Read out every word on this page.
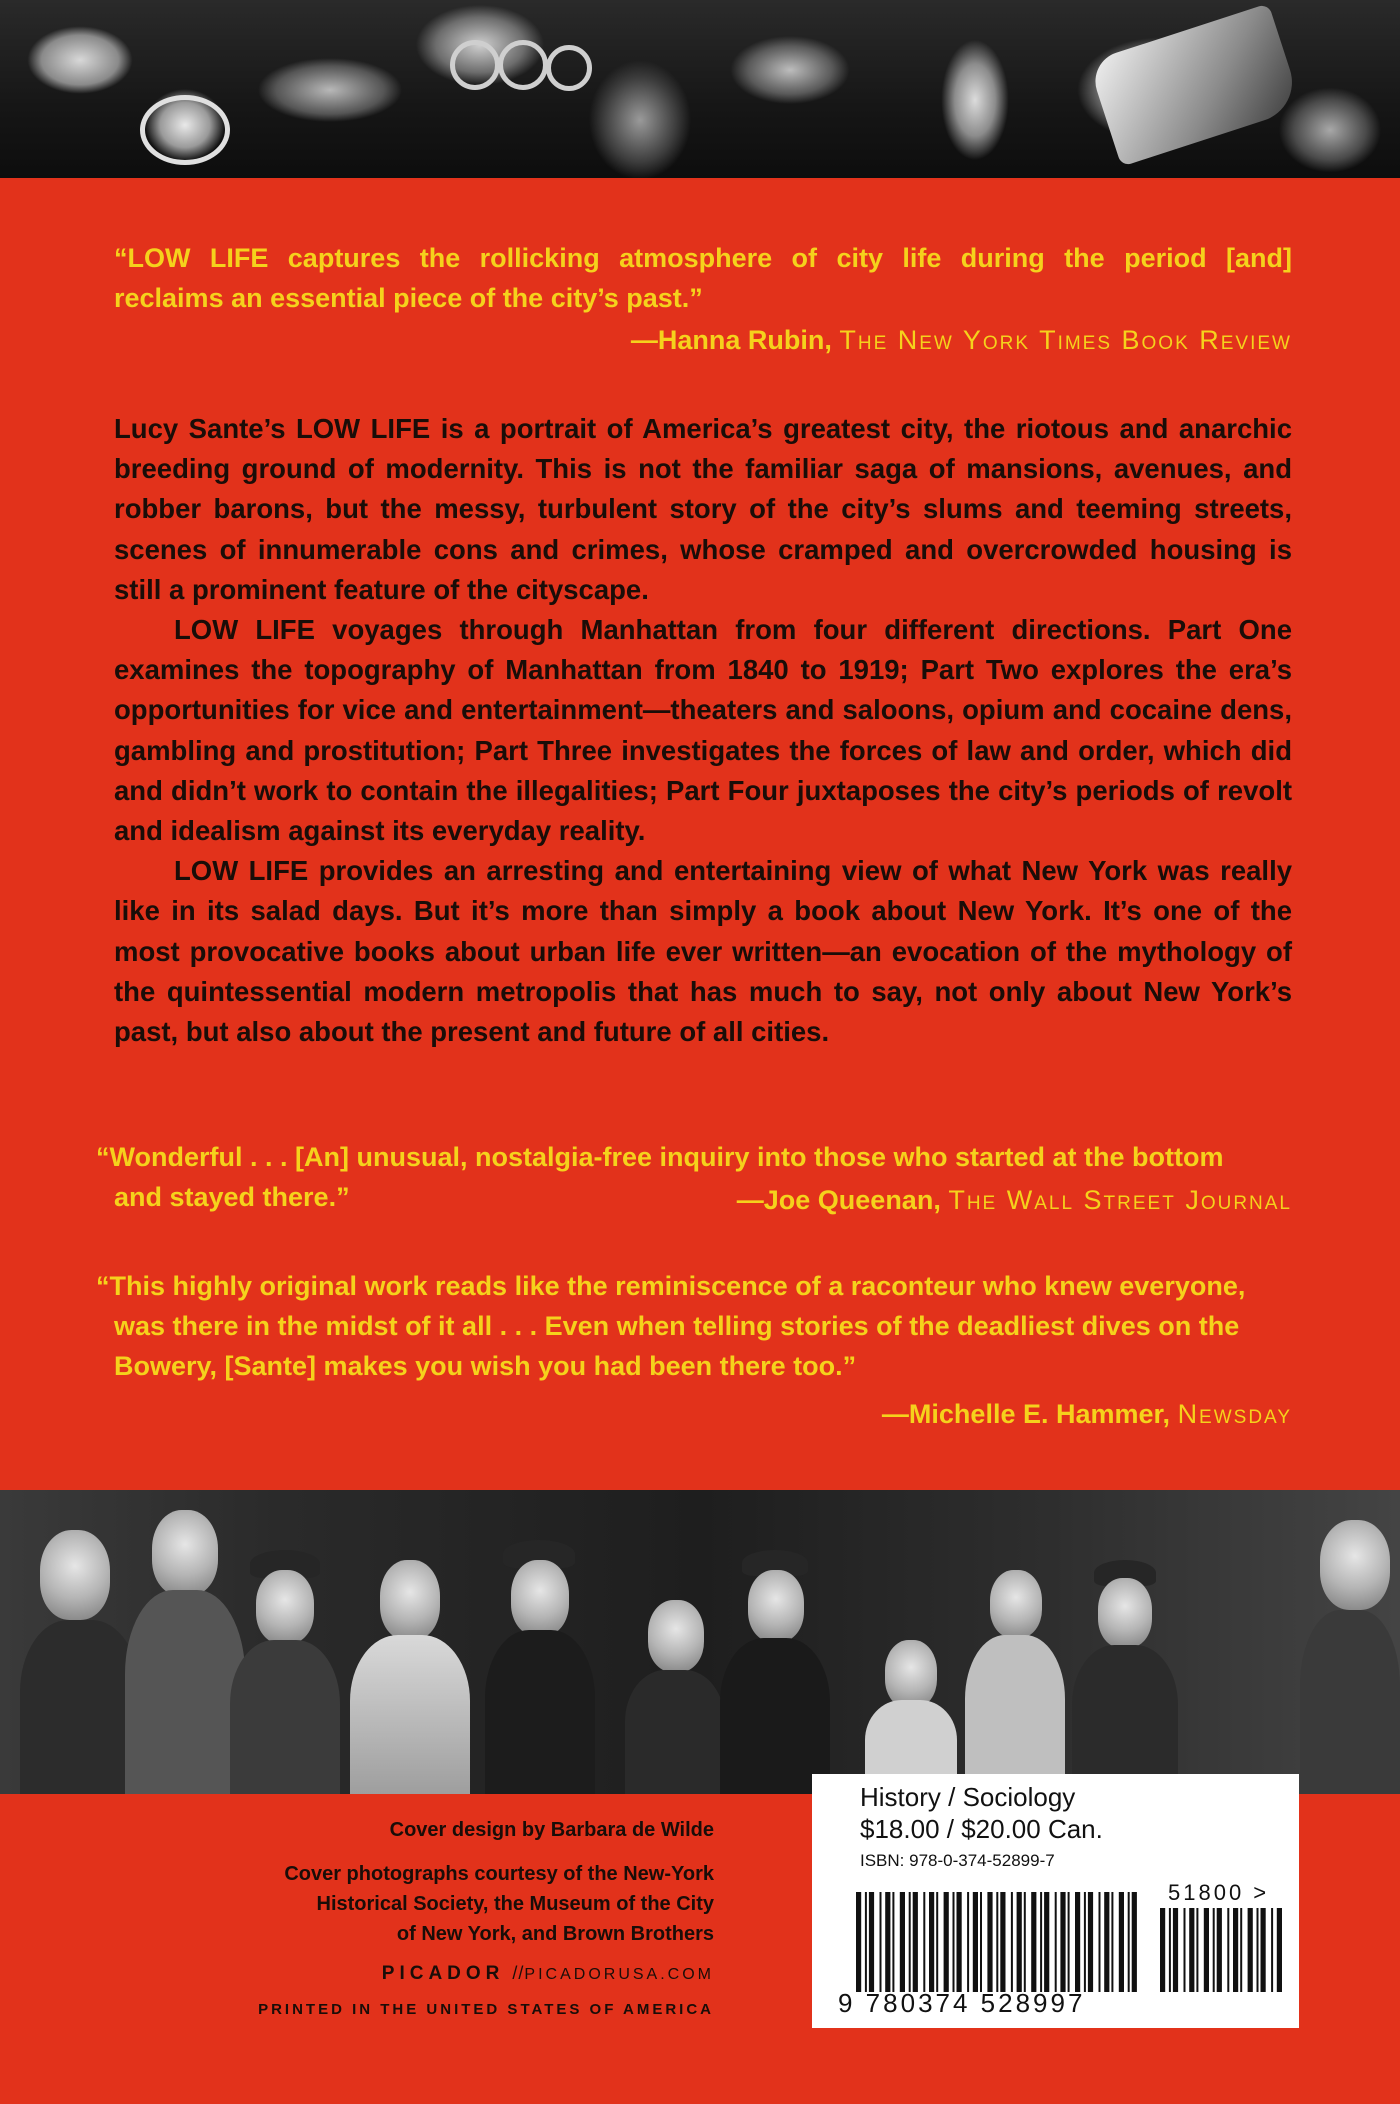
“LOW LIFE captures the rollicking atmosphere of city life during the period [and]
reclaims an essential piece of the city’s past.”
—Hanna Rubin, The New York Times Book Review

Lucy Sante’s LOW LIFE is a portrait of America’s greatest city, the riotous and anarchic breeding ground of modernity. This is not the familiar saga of mansions, avenues, and robber barons, but the messy, turbulent story of the city’s slums and teeming streets, scenes of innumerable cons and crimes, whose cramped and overcrowded housing is still a prominent feature of the cityscape.

LOW LIFE voyages through Manhattan from four different directions. Part One examines the topography of Manhattan from 1840 to 1919; Part Two explores the era’s opportunities for vice and entertainment—theaters and saloons, opium and cocaine dens, gambling and prostitution; Part Three investigates the forces of law and order, which did and didn’t work to contain the illegalities; Part Four juxtaposes the city’s periods of revolt and idealism against its everyday reality.

LOW LIFE provides an arresting and entertaining view of what New York was really like in its salad days. But it’s more than simply a book about New York. It’s one of the most provocative books about urban life ever written—an evocation of the mythology of the quintessential modern metropolis that has much to say, not only about New York’s past, but also about the present and future of all cities.

“Wonderful . . . [An] unusual, nostalgia-free inquiry into those who started at the bottom
and stayed there.”	—Joe Queenan, The Wall Street Journal
“This highly original work reads like the reminiscence of a raconteur who knew everyone,
was there in the midst of it all . . . Even when telling stories of the deadliest dives on the
Bowery, [Sante] makes you wish you had been there too.”
—Michelle E. Hammer, Newsday
Cover design by Barbara de Wilde
Cover photographs courtesy of the New-York
Historical Society, the Museum of the City
of New York, and Brown Brothers
PICADOR //PICADORUSA.COM
PRINTED IN THE UNITED STATES OF AMERICA
History / Sociology
$18.00 / $20.00 Can.
ISBN: 978-0-374-52899-7
51800 >
9 780374 528997
